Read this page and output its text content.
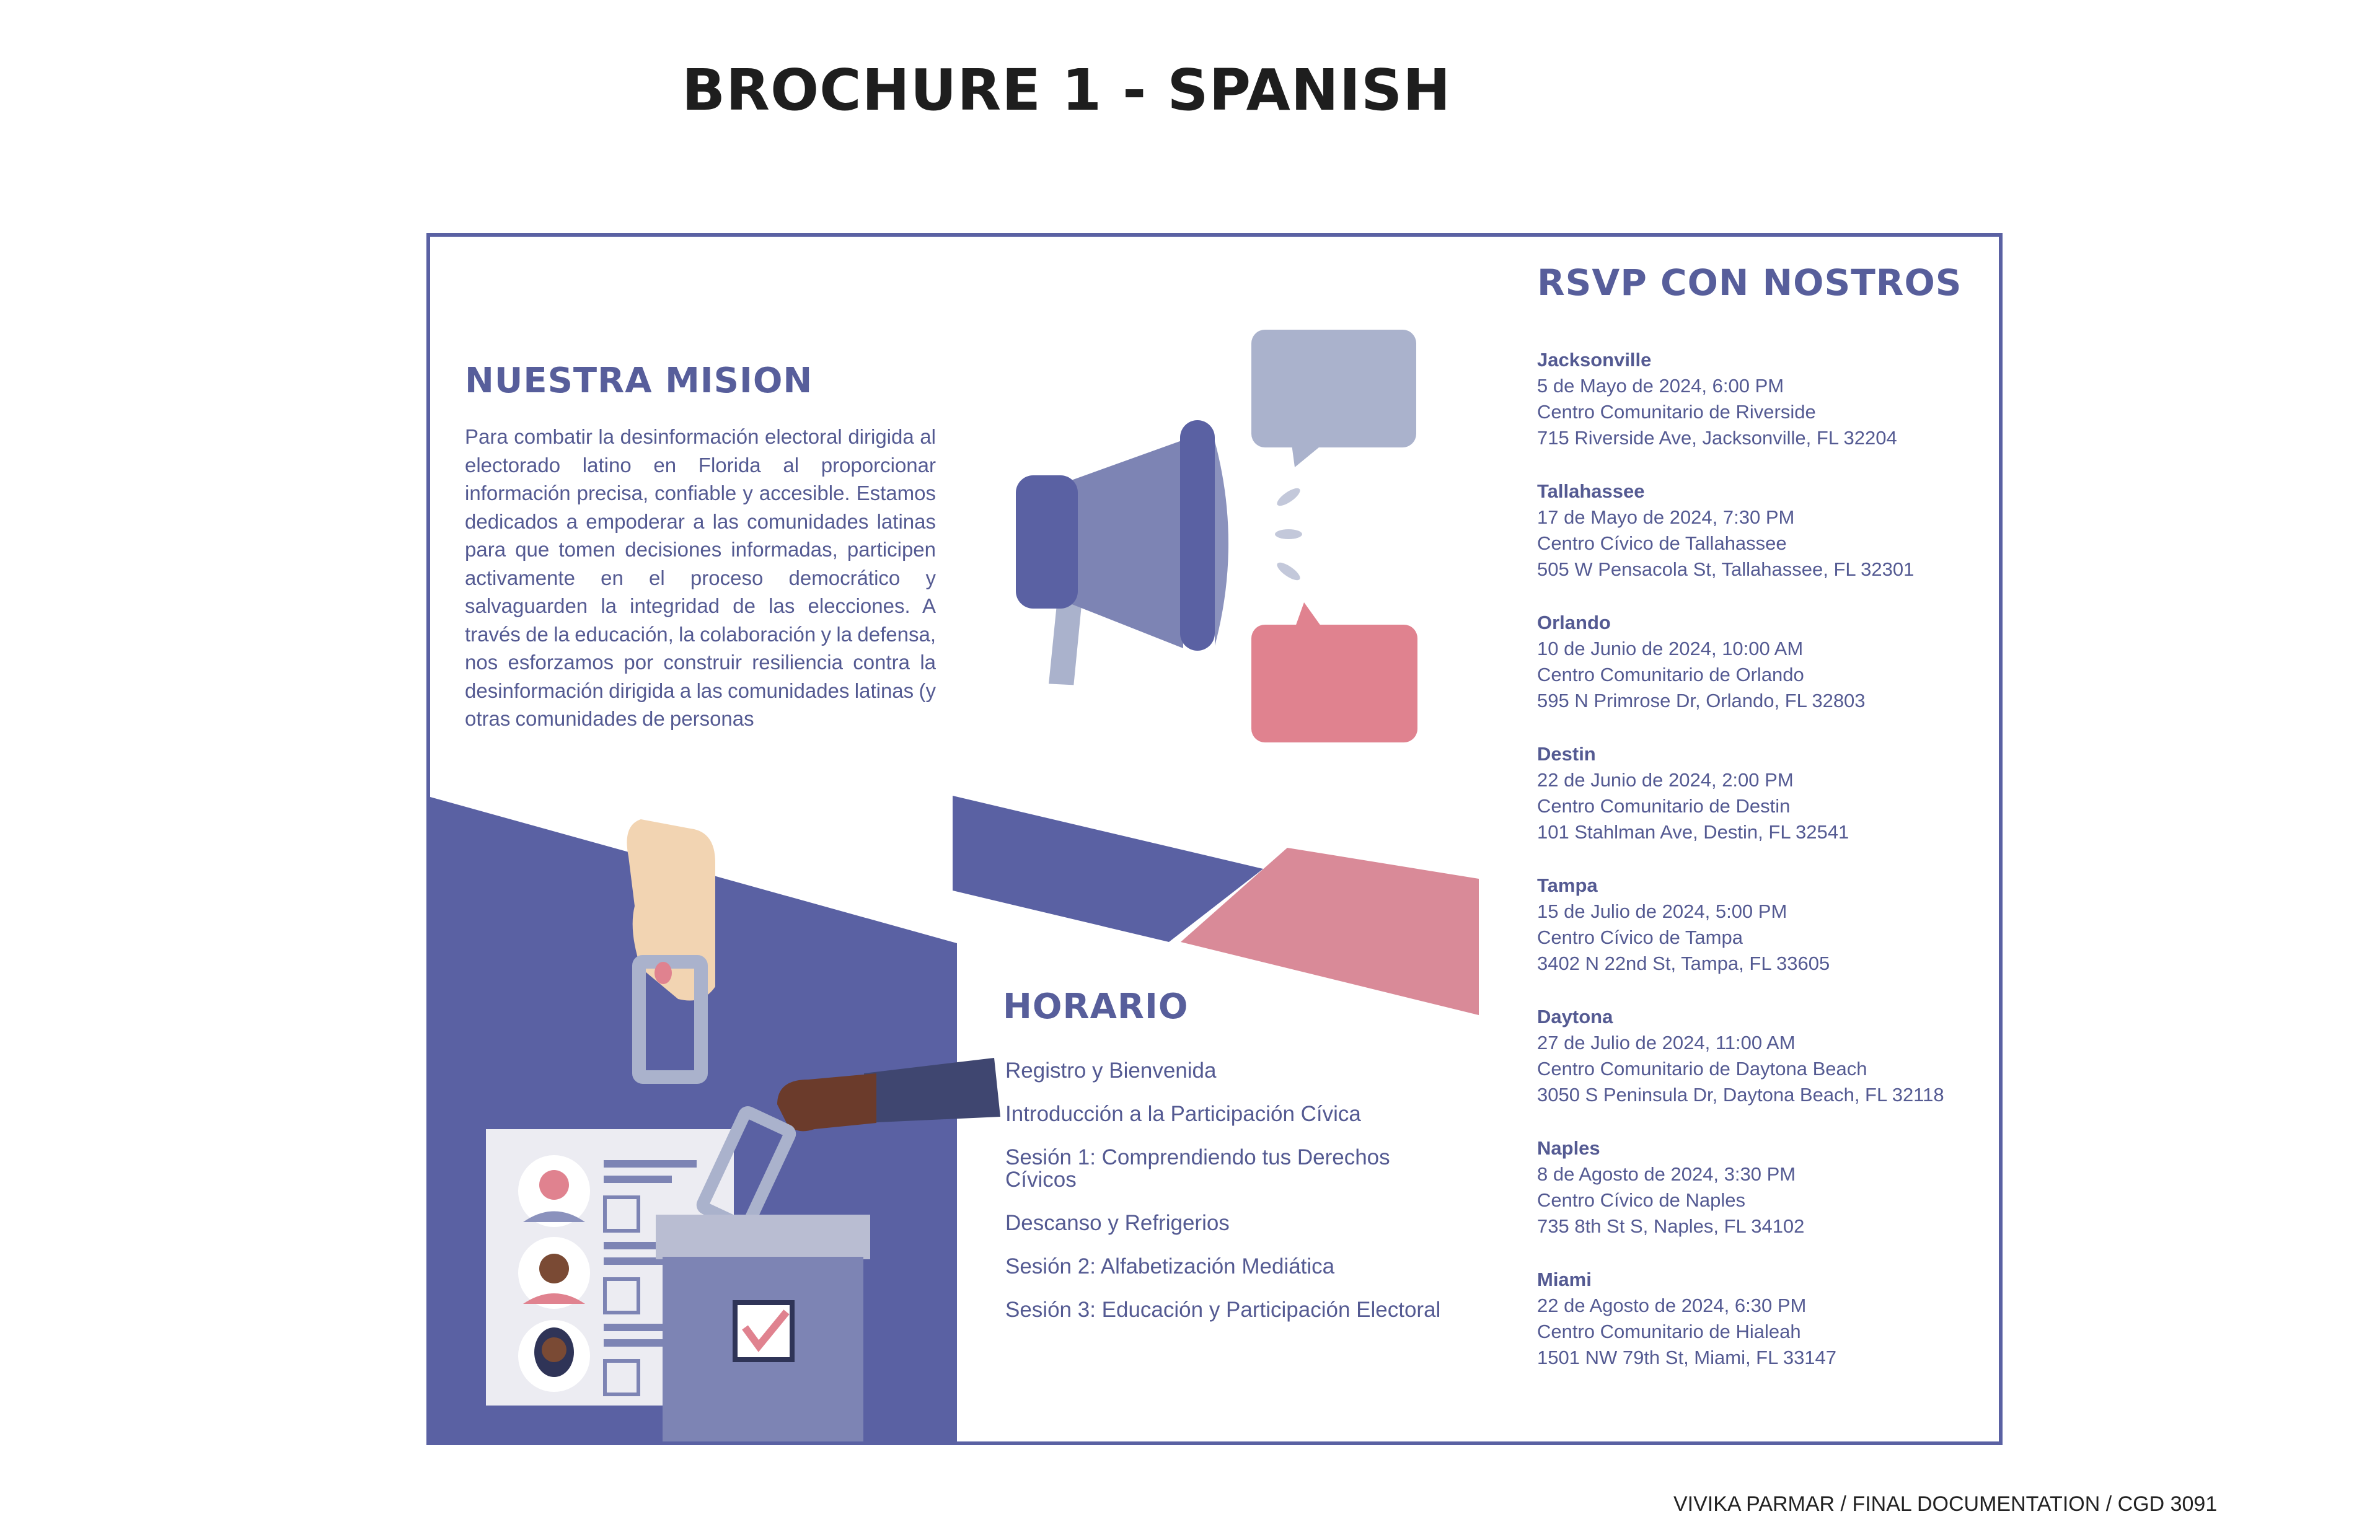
BROCHURE 1 - SPANISH
NUESTRA MISION
Para combatir la desinformación electoral dirigida al electorado latino en Florida al proporcionar información precisa, confiable y accesible. Estamos dedicados a empoderar a las comunidades latinas para que tomen decisiones informadas, participen activamente en el proceso democrático y salvaguarden la integridad de las elecciones. A través de la educación, la colaboración y la defensa, nos esforzamos por construir resiliencia contra la desinformación dirigida a las comunidades latinas (y otras comunidades de personas
RSVP CON NOSTROS
Jacksonville
5 de Mayo de 2024, 6:00 PM
Centro Comunitario de Riverside
715 Riverside Ave, Jacksonville, FL 32204
Tallahassee
17 de Mayo de 2024, 7:30 PM
Centro Cívico de Tallahassee
505 W Pensacola St, Tallahassee, FL 32301
Orlando
10 de Junio de 2024, 10:00 AM
Centro Comunitario de Orlando
595 N Primrose Dr, Orlando, FL 32803
Destin
22 de Junio de 2024, 2:00 PM
Centro Comunitario de Destin
101 Stahlman Ave, Destin, FL 32541
Tampa
15 de Julio de 2024, 5:00 PM
Centro Cívico de Tampa
3402 N 22nd St, Tampa, FL 33605
Daytona
27 de Julio de 2024, 11:00 AM
Centro Comunitario de Daytona Beach
3050 S Peninsula Dr, Daytona Beach, FL 32118
Naples
8 de Agosto de 2024, 3:30 PM
Centro Cívico de Naples
735 8th St S, Naples, FL 34102
Miami
22 de Agosto de 2024, 6:30 PM
Centro Comunitario de Hialeah
1501 NW 79th St, Miami, FL 33147
HORARIO
Registro y Bienvenida
Introducción a la Participación Cívica
Sesión 1: Comprendiendo tus Derechos Cívicos
Descanso y Refrigerios
Sesión 2: Alfabetización Mediática
Sesión 3: Educación y Participación Electoral
VIVIKA PARMAR / FINAL DOCUMENTATION / CGD 3091
